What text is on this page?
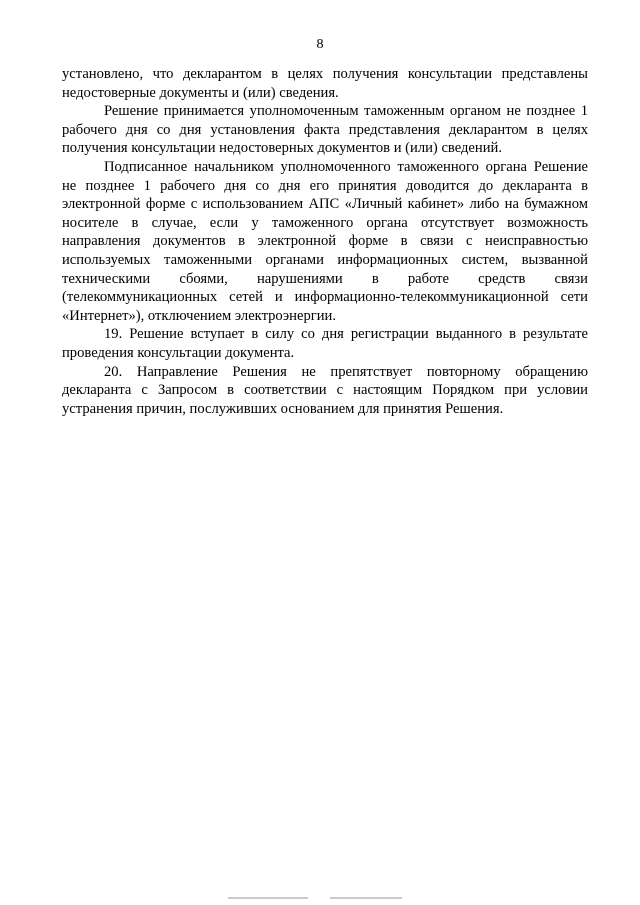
8

установлено, что декларантом в целях получения консультации представлены недостоверные документы и (или) сведения.

Решение принимается уполномоченным таможенным органом не позднее 1 рабочего дня со дня установления факта представления декларантом в целях получения консультации недостоверных документов и (или) сведений.

Подписанное начальником уполномоченного таможенного органа Решение не позднее 1 рабочего дня со дня его принятия доводится до декларанта в электронной форме с использованием АПС «Личный кабинет» либо на бумажном носителе в случае, если у таможенного органа отсутствует возможность направления документов в электронной форме в связи с неисправностью используемых таможенными органами информационных систем, вызванной техническими сбоями, нарушениями в работе средств связи (телекоммуникационных сетей и информационно-телекоммуникационной сети «Интернет»), отключением электроэнергии.

19. Решение вступает в силу со дня регистрации выданного в результате проведения консультации документа.

20. Направление Решения не препятствует повторному обращению декларанта с Запросом в соответствии с настоящим Порядком при условии устранения причин, послуживших основанием для принятия Решения.
